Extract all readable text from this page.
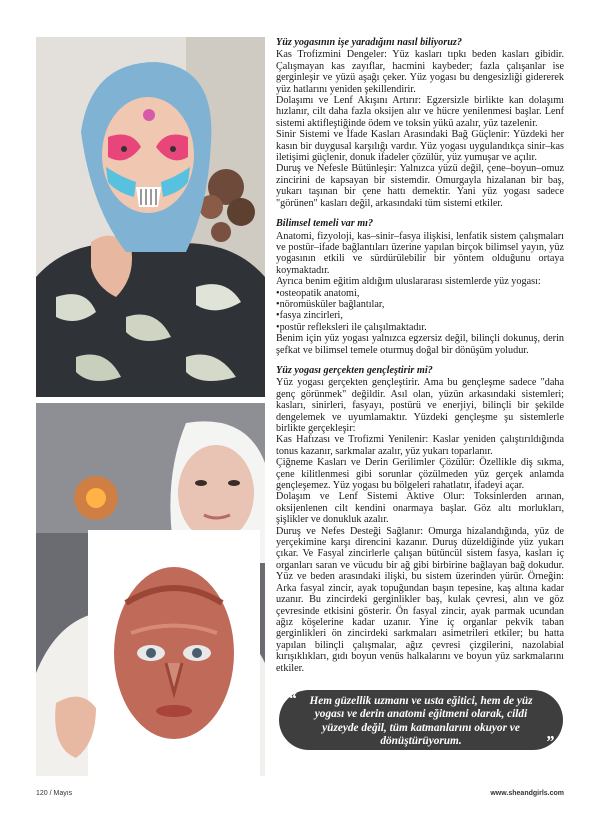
Yüz yogasının işe yaradığını nasıl biliyoruz?

Kas Trofizmini Dengeler: Yüz kasları tıpkı beden kasları gibidir. Çalışmayan kas zayıflar, hacmini kaybeder; fazla çalışanlar ise gerginleşir ve yüzü aşağı çeker. Yüz yogası bu dengesizliği gidererek yüz hatlarını yeniden şekillendirir.

Dolaşımı ve Lenf Akışını Artırır: Egzersizle birlikte kan dolaşımı hızlanır, cilt daha fazla oksijen alır ve hücre yenilenmesi başlar. Lenf sistemi aktifleştiğinde ödem ve toksin yükü azalır, yüz tazelenir.

Sinir Sistemi ve İfade Kasları Arasındaki Bağ Güçlenir: Yüzdeki her kasın bir duygusal karşılığı vardır. Yüz yogası uygulandıkça sinir–kas iletişimi güçlenir, donuk ifadeler çözülür, yüz yumuşar ve açılır.

Duruş ve Nefesle Bütünleşir: Yalnızca yüzü değil, çene–boyun–omuz zincirini de kapsayan bir sistemdir. Omurgayla hizalanan bir baş, yukarı taşınan bir çene hattı demektir. Yani yüz yogası sadece "görünen" kasları değil, arkasındaki tüm sistemi etkiler.

Bilimsel temeli var mı?

Anatomi, fizyoloji, kas–sinir–fasya ilişkisi, lenfatik sistem çalışmaları ve postür–ifade bağlantıları üzerine yapılan birçok bilimsel yayın, yüz yogasının etkili ve sürdürülebilir bir yöntem olduğunu ortaya koymaktadır.

Ayrıca benim eğitim aldığım uluslararası sistemlerde yüz yogası:

• osteopatik anatomi,
• nöromüsküler bağlantılar,
• fasya zincirleri,
• postür refleksleri ile çalışılmaktadır.

Benim için yüz yogası yalnızca egzersiz değil, bilinçli dokunuş, derin şefkat ve bilimsel temele oturmuş doğal bir dönüşüm yoludur.

Yüz yogası gerçekten gençleştirir mi?

Yüz yogası gerçekten gençleştirir. Ama bu gençleşme sadece "daha genç görünmek" değildir. Asıl olan, yüzün arkasındaki sistemleri; kasları, sinirleri, fasyayı, postürü ve enerjiyi, bilinçli bir şekilde dengelemek ve uyumlamaktır. Yüzdeki gençleşme şu sistemlerle birlikte gerçekleşir:

Kas Hafızası ve Trofizmi Yenilenir: Kaslar yeniden çalıştırıldığında tonus kazanır, sarkmalar azalır, yüz yukarı toparlanır.

Çiğneme Kasları ve Derin Gerilimler Çözülür: Özellikle diş sıkma, çene kilitlenmesi gibi sorunlar çözülmeden yüz gerçek anlamda gençleşemez. Yüz yogası bu bölgeleri rahatlatır, ifadeyi açar.

Dolaşım ve Lenf Sistemi Aktive Olur: Toksinlerden arınan, oksijenlenen cilt kendini onarmaya başlar. Göz altı morlukları, şişlikler ve donukluk azalır.

Duruş ve Nefes Desteği Sağlanır: Omurga hizalandığında, yüz de yerçekimine karşı direncini kazanır. Duruş düzeldiğinde yüz yukarı çıkar. Ve Fasyal zincirlerle çalışan bütüncül sistem fasya, kasları iç organları saran ve vücudu bir ağ gibi birbirine bağlayan bağ dokudur. Yüz ve beden arasındaki ilişki, bu sistem üzerinden yürür. Örneğin: Arka fasyal zincir, ayak topuğundan başın tepesine, kaş altına kadar uzanır. Bu zincirdeki gerginlikler baş, kulak çevresi, alın ve göz çevresinde etkisini gösterir. Ön fasyal zincir, ayak parmak ucundan ağız köşelerine kadar uzanır. Yine iç organlar pekvik taban gerginlikleri ön zincirdeki sarkmaları asimetrileri etkiler; bu hatta yapılan bilinçli çalışmalar, ağız çevresi çizgilerini, nazolabial kırışıklıkları, gıdı boyun venüs halkalarını ve boyun yüz sarkmalarını etkiler.

“ Hem güzellik uzmanı ve usta eğitici, hem de yüz yogası ve derin anatomi eğitmeni olarak, cildi yüzeyde değil, tüm katmanlarını okuyor ve dönüştürüyorum.	”
120 / Mayıs	www.sheandgirls.com
